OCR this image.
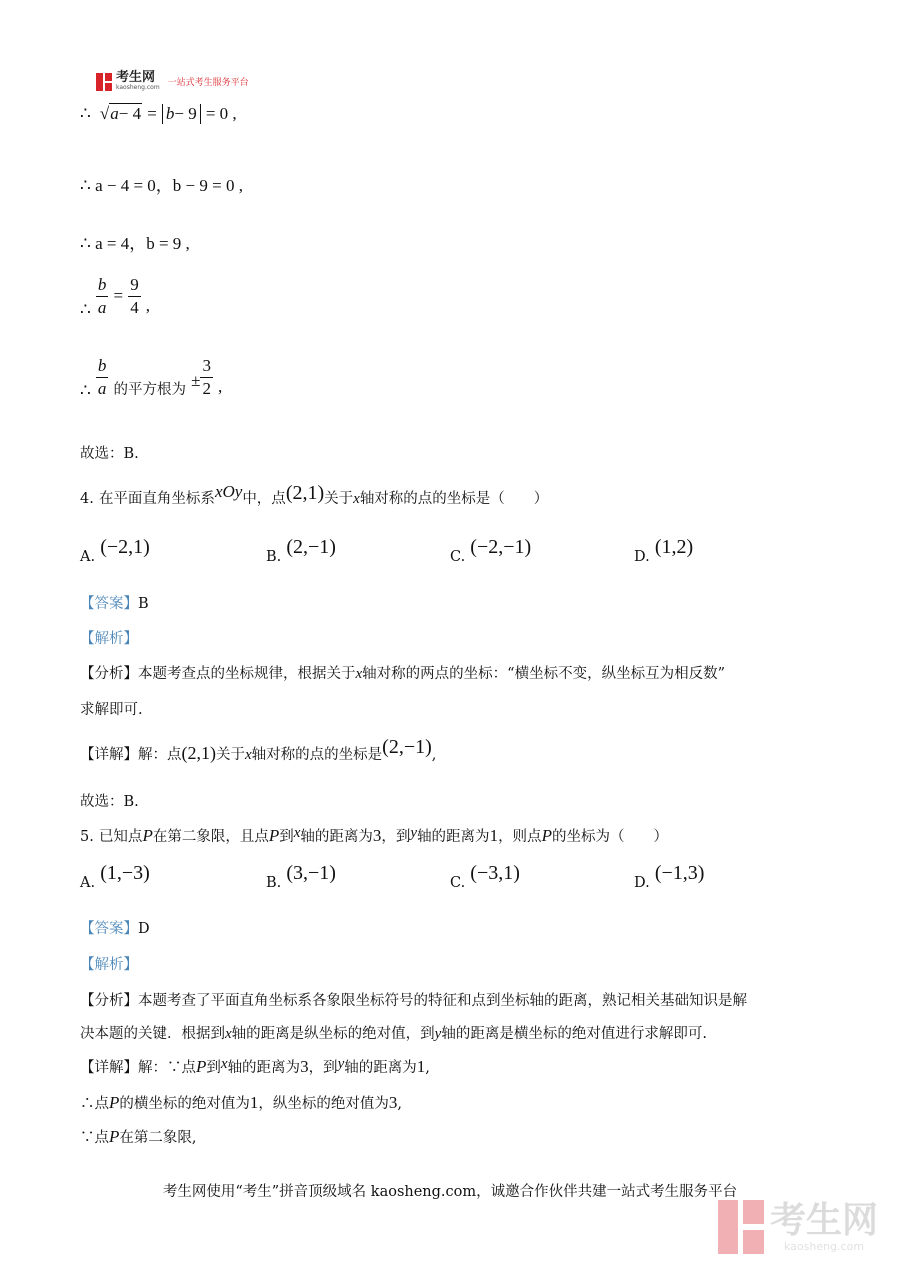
考生网
kaosheng.com 一站式考生服务平台
∴ √a− 4 = b− 9 = 0 ,
∴ a − 4 = 0，b − 9 = 0 ,
∴ a = 4，b = 9 ,
∴ $\frac{b}{a} = \frac{9}{4}$ ,
∴ $\frac{b}{a}$ 的平方根为 ± $\frac{3}{2}$ ,
故选：B.
4. 在平面直角坐标系xOy中，点(2,1)关于x轴对称的点的坐标是（　　）
A. (−2,1)	B. (2,−1)	C. (−2,−1)	D. (1,2)
【答案】B
【解析】
【分析】本题考查点的坐标规律，根据关于x轴对称的两点的坐标：“横坐标不变，纵坐标互为相反数”
求解即可.
【详解】解：点(2,1)关于x轴对称的点的坐标是(2,−1),
故选：B.
5. 已知点P在第二象限，且点P到x轴的距离为3，到y轴的距离为1，则点P的坐标为（　　）
A. (1,−3)	B. (3,−1)	C. (−3,1)	D. (−1,3)
【答案】D
【解析】
【分析】本题考查了平面直角坐标系各象限坐标符号的特征和点到坐标轴的距离，熟记相关基础知识是解
决本题的关键．根据到x轴的距离是纵坐标的绝对值，到y轴的距离是横坐标的绝对值进行求解即可.
【详解】解：∵点P到x轴的距离为3，到y轴的距离为1,
∴点P的横坐标的绝对值为1，纵坐标的绝对值为3,
∵点P在第二象限,
考生网使用“考生”拼音顶级域名 kaosheng.com，诚邀合作伙伴共建一站式考生服务平台
考生网
kaosheng.com
